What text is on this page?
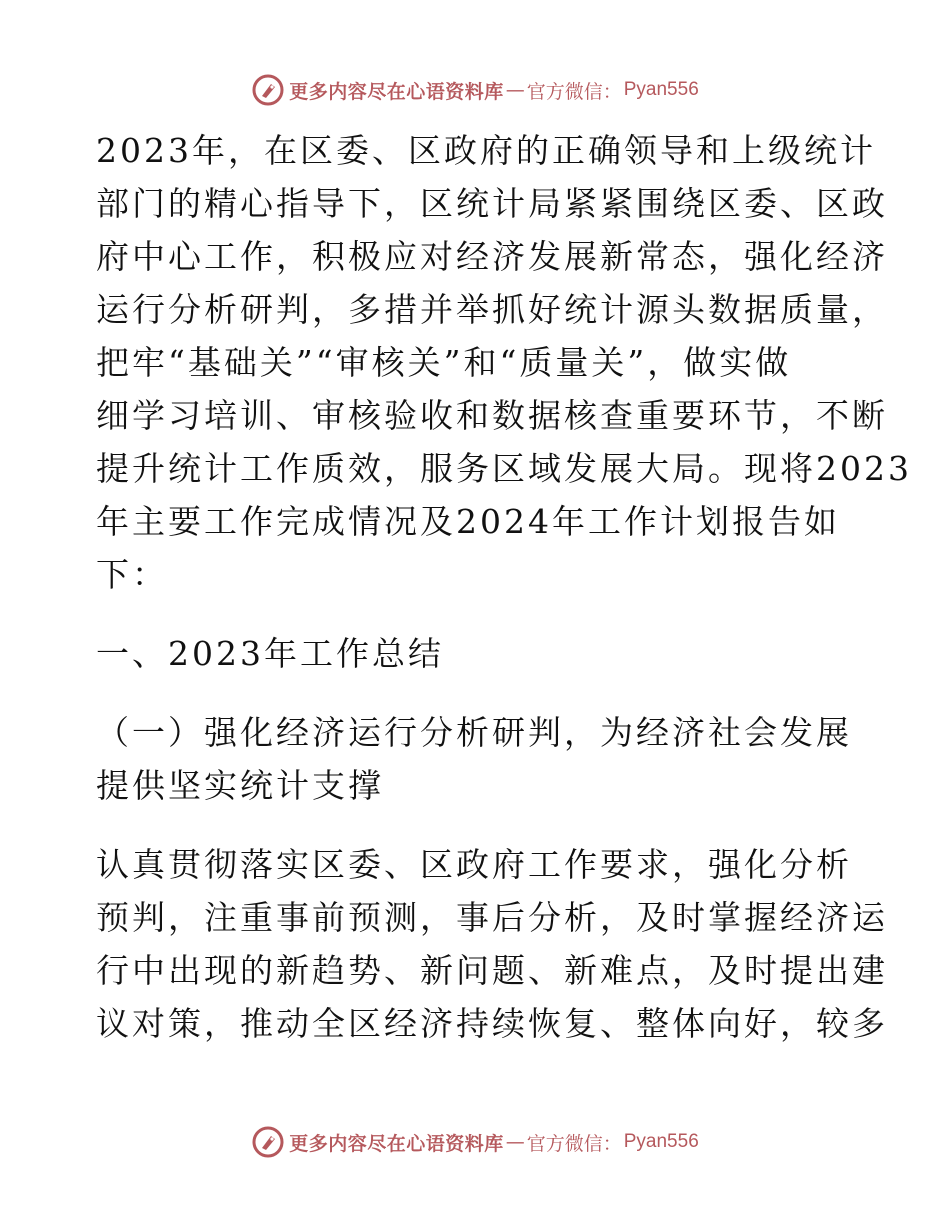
更多内容尽在心语资料库 — 官方微信： Pyan556
2023年，在区委、区政府的正确领导和上级统计
部门的精心指导下，区统计局紧紧围绕区委、区政
府中心工作，积极应对经济发展新常态，强化经济
运行分析研判，多措并举抓好统计源头数据质量，
把牢“基础关”“审核关”和“质量关”，做实做
细学习培训、审核验收和数据核查重要环节，不断
提升统计工作质效，服务区域发展大局。现将2023
年主要工作完成情况及2024年工作计划报告如
下：
一、2023年工作总结
（一）强化经济运行分析研判，为经济社会发展
提供坚实统计支撑
认真贯彻落实区委、区政府工作要求，强化分析
预判，注重事前预测，事后分析，及时掌握经济运
行中出现的新趋势、新问题、新难点，及时提出建
议对策，推动全区经济持续恢复、整体向好，较多
更多内容尽在心语资料库 — 官方微信： Pyan556
